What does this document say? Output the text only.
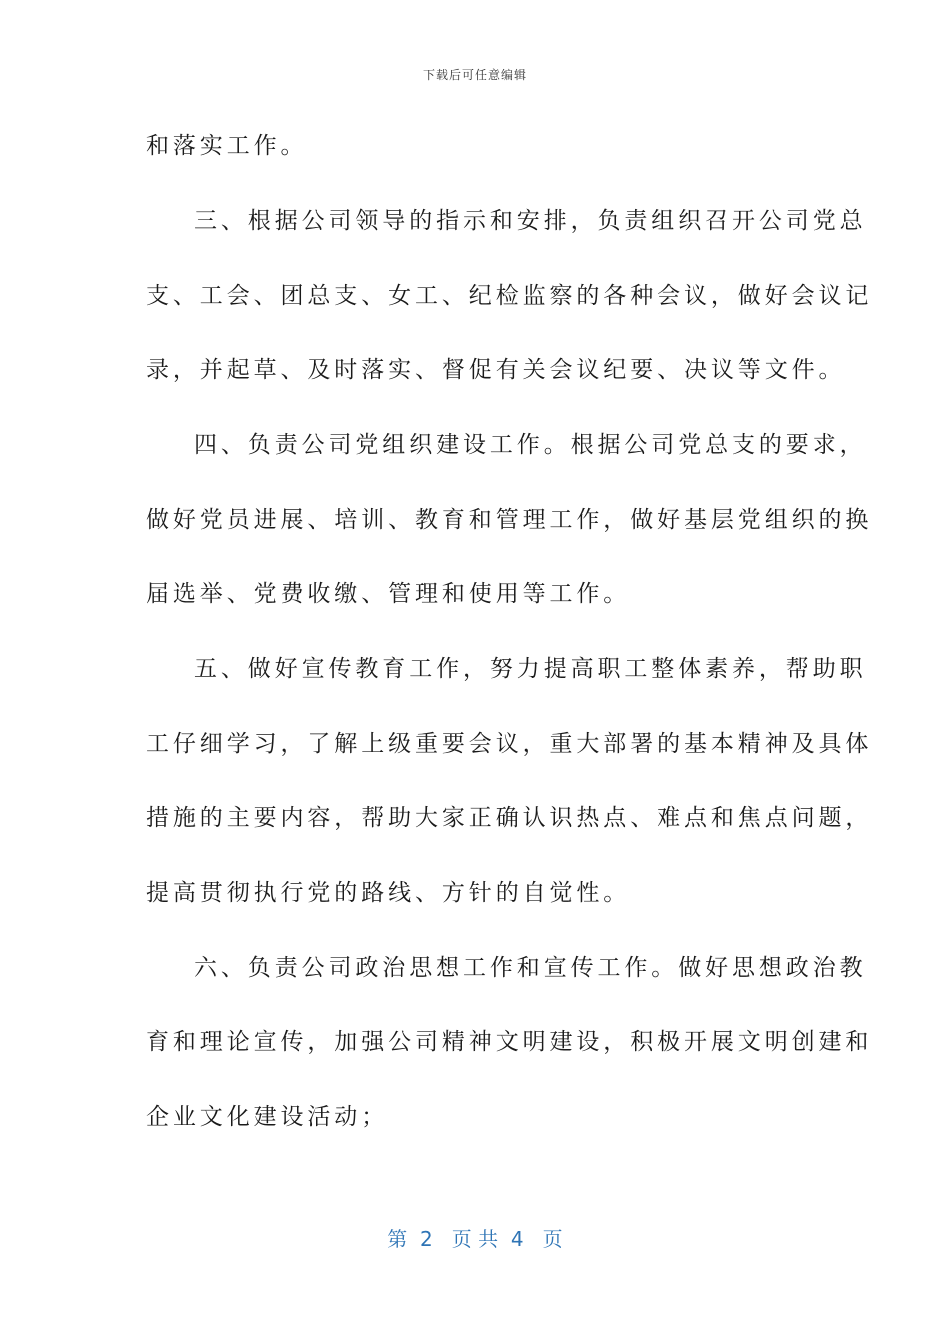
下载后可任意编辑
和落实工作。
三、根据公司领导的指示和安排，负责组织召开公司党总
支、工会、团总支、女工、纪检监察的各种会议，做好会议记
录，并起草、及时落实、督促有关会议纪要、决议等文件。
四、负责公司党组织建设工作。根据公司党总支的要求，
做好党员进展、培训、教育和管理工作，做好基层党组织的换
届选举、党费收缴、管理和使用等工作。
五、做好宣传教育工作，努力提高职工整体素养，帮助职
工仔细学习，了解上级重要会议，重大部署的基本精神及具体
措施的主要内容，帮助大家正确认识热点、难点和焦点问题，
提高贯彻执行党的路线、方针的自觉性。
六、负责公司政治思想工作和宣传工作。做好思想政治教
育和理论宣传，加强公司精神文明建设，积极开展文明创建和
企业文化建设活动；
第  2   页 共  4   页
